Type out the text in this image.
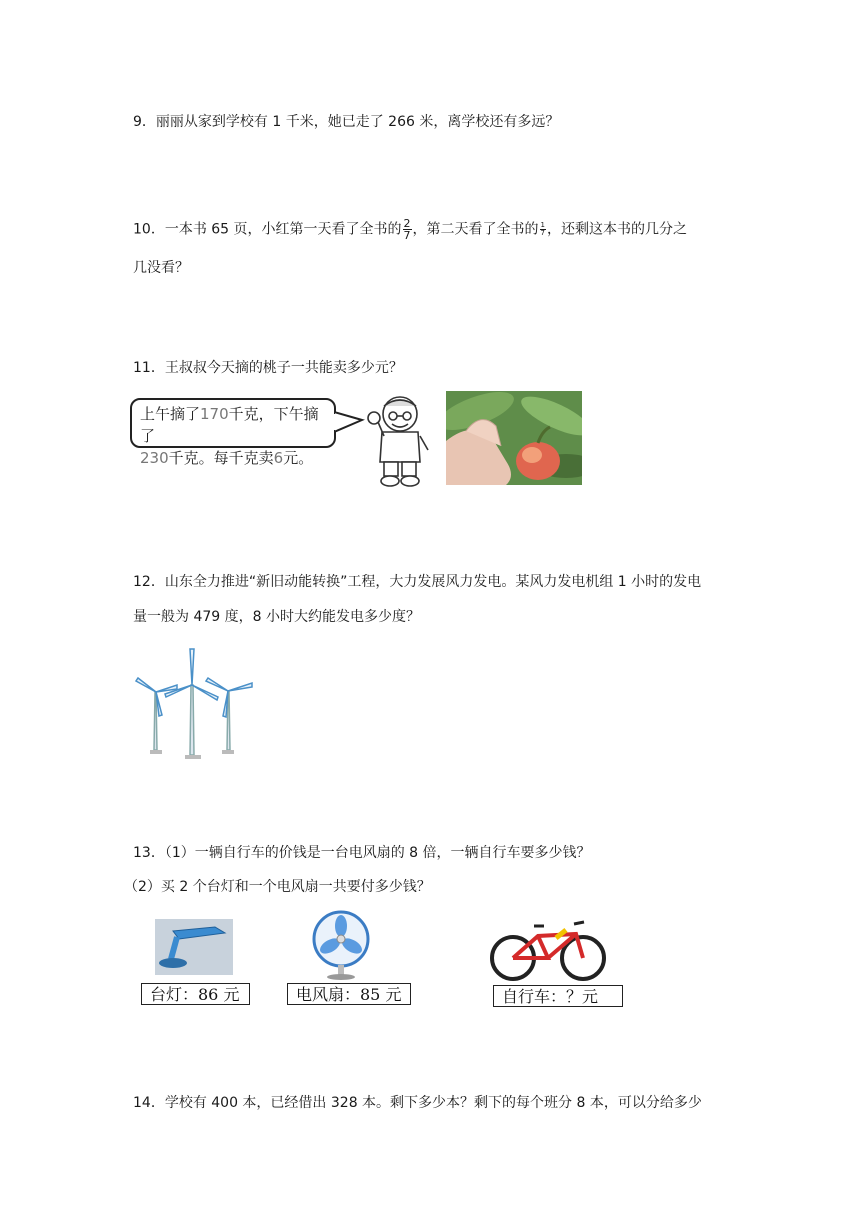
9．丽丽从家到学校有 1 千米，她已走了 266 米，离学校还有多远？
10．一本书 65 页，小红第一天看了全书的 $\frac{2}{7}$ ，第二天看了全书的 $\frac{1}{7}$ ，还剩这本书的几分之
几没看？
11．王叔叔今天摘的桃子一共能卖多少元？
上午摘了170千克，下午摘了
230千克。每千克卖6元。
12．山东全力推进“新旧动能转换”工程，大力发展风力发电。某风力发电机组 1 小时的发电
量一般为 479 度，8 小时大约能发电多少度？
13．（1）一辆自行车的价钱是一台电风扇的 8 倍，一辆自行车要多少钱？
（2）买 2 个台灯和一个电风扇一共要付多少钱？
台灯：86 元	电风扇：85 元	自行车：？元
14．学校有 400 本，已经借出 328 本。剩下多少本？剩下的每个班分 8 本，可以分给多少
